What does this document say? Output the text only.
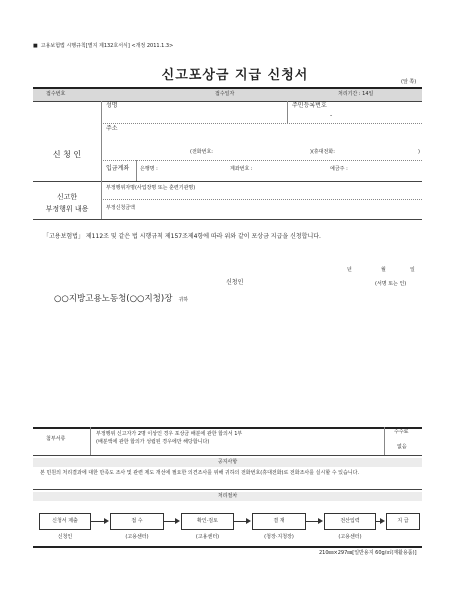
■ 고용보험법 시행규칙[별지 제132호서식] <개정 2011.1.3>
신고포상금 지급 신청서	(앞 쪽)
접수번호	접수일자	처리기간 : 14일
신 청 인
성명	주민등록번호
-
주소
(전화번호:	)(휴대전화:	)
입금계좌 은행명 :	계좌번호 :	예금주 :
신고한
부정행위 내용
부정행위자명(사업장명 또는 훈련기관명)
부정신청금액
「고용보험법」 제112조 및 같은 법 시행규칙 제157조제4항에 따라 위와 같이 포상금 지급을 신청합니다.
년	월	일
신청인	(서명 또는 인)
○○지방고용노동청(○○지청)장 귀하
첨부서류
부정행위 신고자가 2명 이상인 경우 포상금 배분에 관한 합의서 1부
(배분액에 관한 합의가 성립된 경우에만 해당합니다)
수수료
없음
공지사항
본 민원의 처리결과에 대한 만족도 조사 및 관련 제도 개선에 필요한 의견조사를 위해 귀하의 전화번호(휴대전화)로 전화조사를 실시할 수 있습니다.
처리절차
신청서 제출	접 수	확인·검토	결 재	전산입력	지 급
신청인	(고용센터)	(고용센터)	(청장·지청장)	(고용센터)
210㎜×297㎜[일반용지 60g/㎡(재활용품)]
